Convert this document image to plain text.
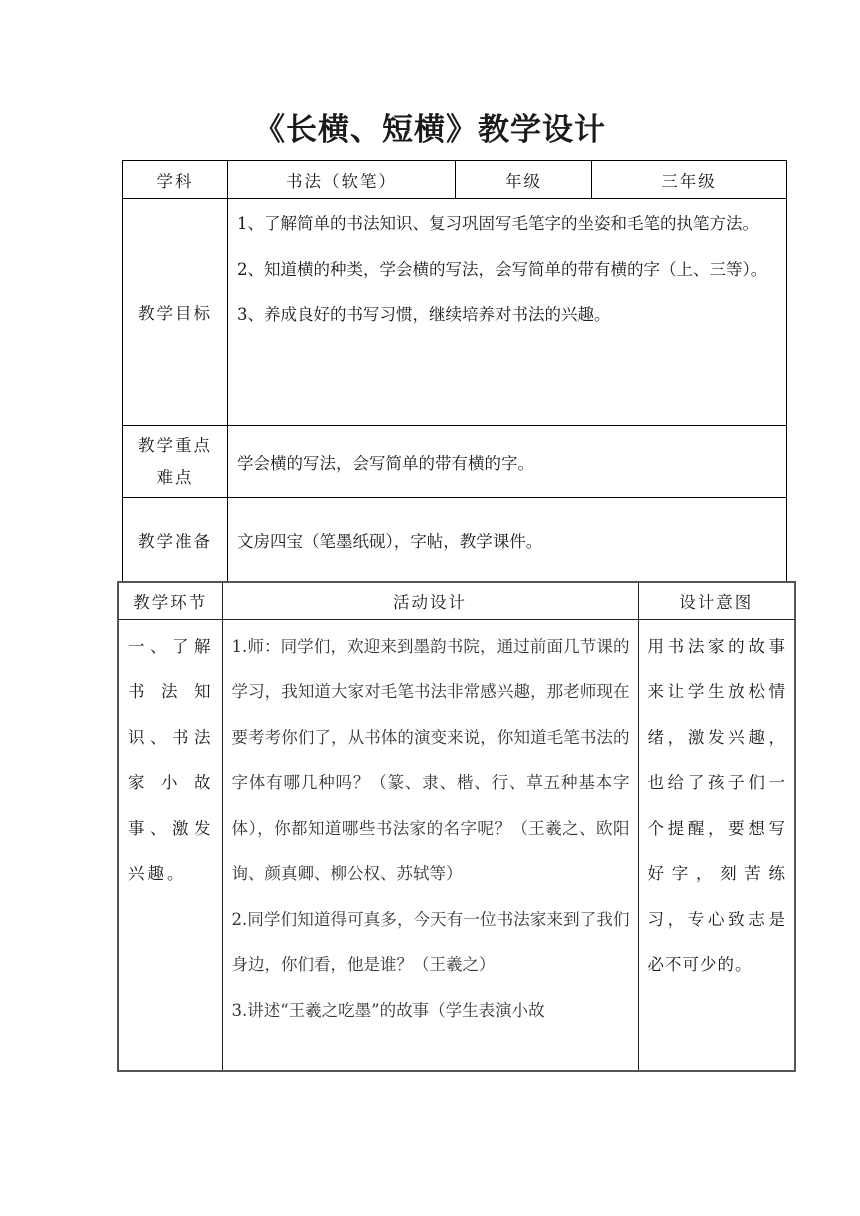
《长横、短横》教学设计
学科	书法（软笔）	年级	三年级
教学目标	1、了解简单的书法知识、复习巩固写毛笔字的坐姿和毛笔的执笔方法。
2、知道横的种类，学会横的写法，会写简单的带有横的字（上、三等）。
3、养成良好的书写习惯，继续培养对书法的兴趣。		

教学重点
难点	学会横的写法，会写简单的带有横的字。		
教学准备	文房四宝（笔墨纸砚），字帖，教学课件。		
教学环节	活动设计	设计意图

一、了解书法知识、书法家小故事、激发兴趣。	1.师：同学们，欢迎来到墨韵书院，通过前面几节课的学习，我知道大家对毛笔书法非常感兴趣，那老师现在要考考你们了，从书体的演变来说，你知道毛笔书法的字体有哪几种吗？（篆、隶、楷、行、草五种基本字体），你都知道哪些书法家的名字呢？（王羲之、欧阳询、颜真卿、柳公权、苏轼等）
2.同学们知道得可真多，今天有一位书法家来到了我们身边，你们看，他是谁？（王羲之）
3.讲述“王羲之吃墨”的故事（学生表演小故	用书法家的故事来让学生放松情绪，激发兴趣，也给了孩子们一个提醒，要想写好字，刻苦练习，专心致志是必不可少的。
